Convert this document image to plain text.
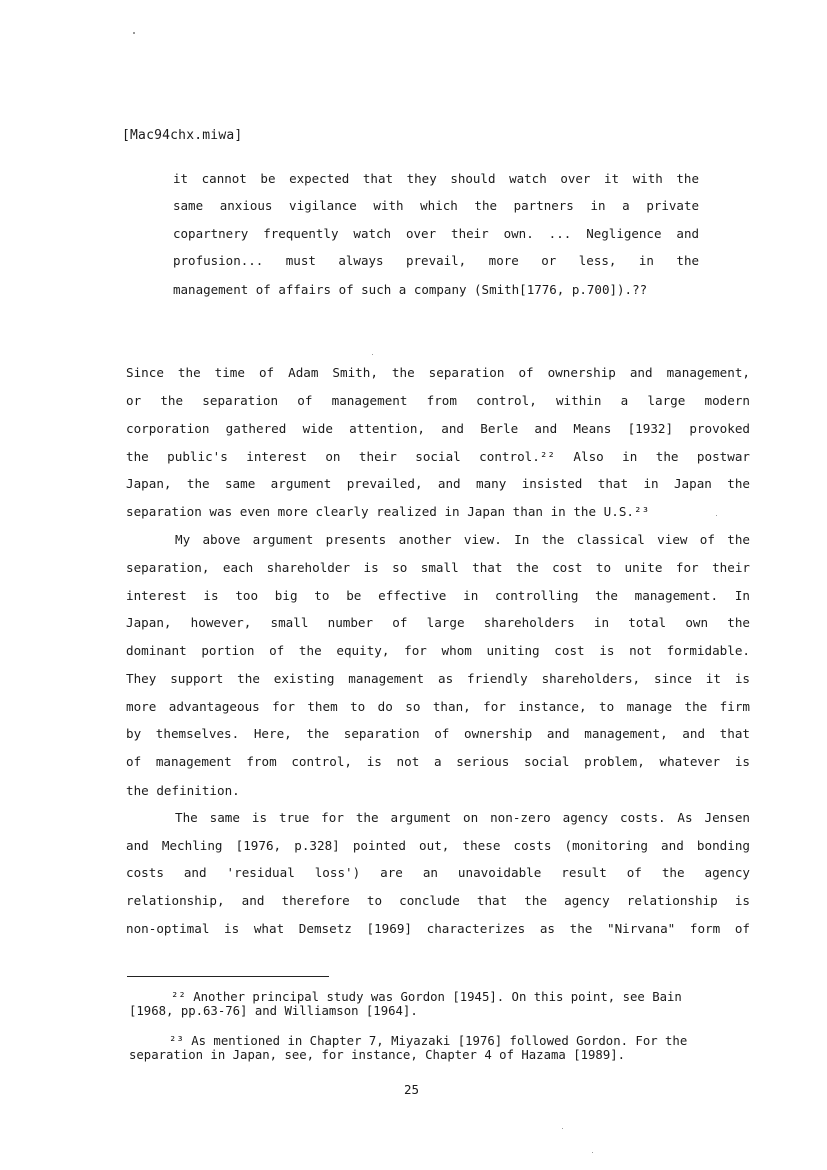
[Mac94chx.miwa]
it cannot be expected that they should watch over it with the
same anxious vigilance with which the partners in a private
copartnery frequently watch over their own. ... Negligence and
profusion... must always prevail, more or less, in the
management of affairs of such a company (Smith[1776, p.700]).??
Since the time of Adam Smith, the separation of ownership and management,
or the separation of management from control, within a large modern
corporation gathered wide attention, and Berle and Means [1932] provoked
the public's interest on their social control.²² Also in the postwar
Japan, the same argument prevailed, and many insisted that in Japan the
separation was even more clearly realized in Japan than in the U.S.²³
My above argument presents another view. In the classical view of the
separation, each shareholder is so small that the cost to unite for their
interest is too big to be effective in controlling the management. In
Japan, however, small number of large shareholders in total own the
dominant portion of the equity, for whom uniting cost is not formidable.
They support the existing management as friendly shareholders, since it is
more advantageous for them to do so than, for instance, to manage the firm
by themselves. Here, the separation of ownership and management, and that
of management from control, is not a serious social problem, whatever is
the definition.
The same is true for the argument on non-zero agency costs. As Jensen
and Mechling [1976, p.328] pointed out, these costs (monitoring and bonding
costs and 'residual loss') are an unavoidable result of the agency
relationship, and therefore to conclude that the agency relationship is
non-optimal is what Demsetz [1969] characterizes as the "Nirvana" form of
²² Another principal study was Gordon [1945]. On this point, see Bain
[1968, pp.63-76] and Williamson [1964].
²³ As mentioned in Chapter 7, Miyazaki [1976] followed Gordon. For the
separation in Japan, see, for instance, Chapter 4 of Hazama [1989].
25
